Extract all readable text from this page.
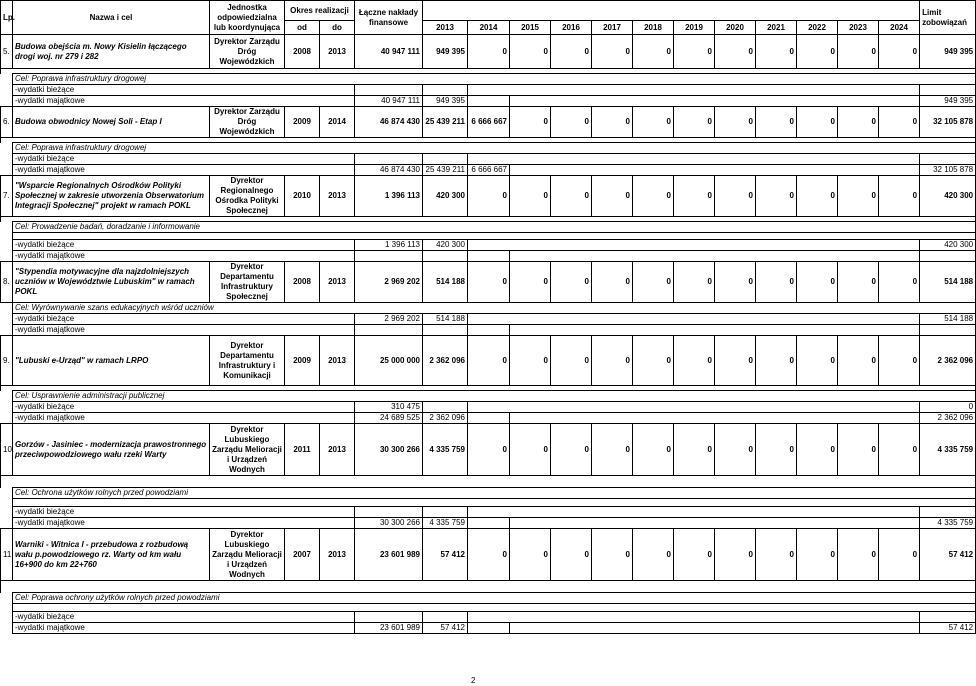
Lp.	Nazwa i cel	Jednostka odpowiedzialna lub koordynująca	Okres realizacji		Łączne nakłady finansowe													Limit zobowiązań
			od	do		2013	2014	2015	2016	2017	2018	2019	2020	2021	2022	2023	2024	
5.	Budowa obejścia m. Nowy Kisielin łączącego drogi woj. nr 279 i 282	Dyrektor Zarządu Dróg Wojewódzkich	2008	2013	40 947 111	949 395	0	0	0	0	0	0	0	0	0	0	0	949 395

	Cel: Poprawa infrastruktury drogowej																	
	-wydatki bieżące																	
	-wydatki majątkowe				40 947 111	949 395												949 395
6.	Budowa obwodnicy Nowej Soli - Etap I	Dyrektor Zarządu Dróg Wojewódzkich	2009	2014	46 874 430	25 439 211	6 666 667	0	0	0	0	0	0	0	0	0	0	32 105 878

	Cel: Poprawa infrastruktury drogowej																	
	-wydatki bieżące																	
	-wydatki majątkowe				46 874 430	25 439 211	6 666 667											32 105 878
7.	"Wsparcie Regionalnych Ośrodków Polityki Społecznej w zakresie utworzenia Obserwatorium Integracji Społecznej" projekt w ramach POKL	Dyrektor Regionalnego Ośrodka Polityki Społecznej	2010	2013	1 396 113	420 300	0	0	0	0	0	0	0	0	0	0	0	420 300

	Cel: Prowadzenie badań, doradzanie i informowanie																	

	-wydatki bieżące				1 396 113	420 300												420 300
	-wydatki majątkowe																	
8.	"Stypendia motywacyjne dla najzdolniejszych uczniów w Województwie Lubuskim" w ramach POKL	Dyrektor Departamentu Infrastruktury Społecznej	2008	2013	2 969 202	514 188	0	0	0	0	0	0	0	0	0	0	0	514 188
	Cel: Wyrównywanie szans edukacyjnych wśród uczniów																	
	-wydatki bieżące				2 969 202	514 188												514 188
	-wydatki majątkowe																	
9.	"Lubuski e-Urząd" w ramach LRPO	Dyrektor Departamentu Infrastruktury i Komunikacji	2009	2013	25 000 000	2 362 096	0	0	0	0	0	0	0	0	0	0	0	2 362 096

	Cel: Usprawnienie administracji publicznej																	
	-wydatki bieżące				310 475													0
	-wydatki majątkowe				24 689 525	2 362 096												2 362 096
10.	Gorzów - Jasiniec - modernizacja prawostronnego przeciwpowodziowego wału rzeki Warty	Dyrektor Lubuskiego Zarządu Melioracji i Urządzeń Wodnych	2011	2013	30 300 266	4 335 759	0	0	0	0	0	0	0	0	0	0	0	4 335 759

	Cel: Ochrona użytków rolnych przed powodziami																	

	-wydatki bieżące																	
	-wydatki majątkowe				30 300 266	4 335 759												4 335 759
11.	Warniki - Witnica I - przebudowa z rozbudową wału p.powodziowego rz. Warty od km wału 16+900 do km 22+760	Dyrektor Lubuskiego Zarządu Melioracji i Urządzeń Wodnych	2007	2013	23 601 989	57 412	0	0	0	0	0	0	0	0	0	0	0	57 412

	Cel: Poprawa ochrony użytków rolnych przed powodziami																	

	-wydatki bieżące																	
	-wydatki majątkowe				23 601 989	57 412												57 412
2
